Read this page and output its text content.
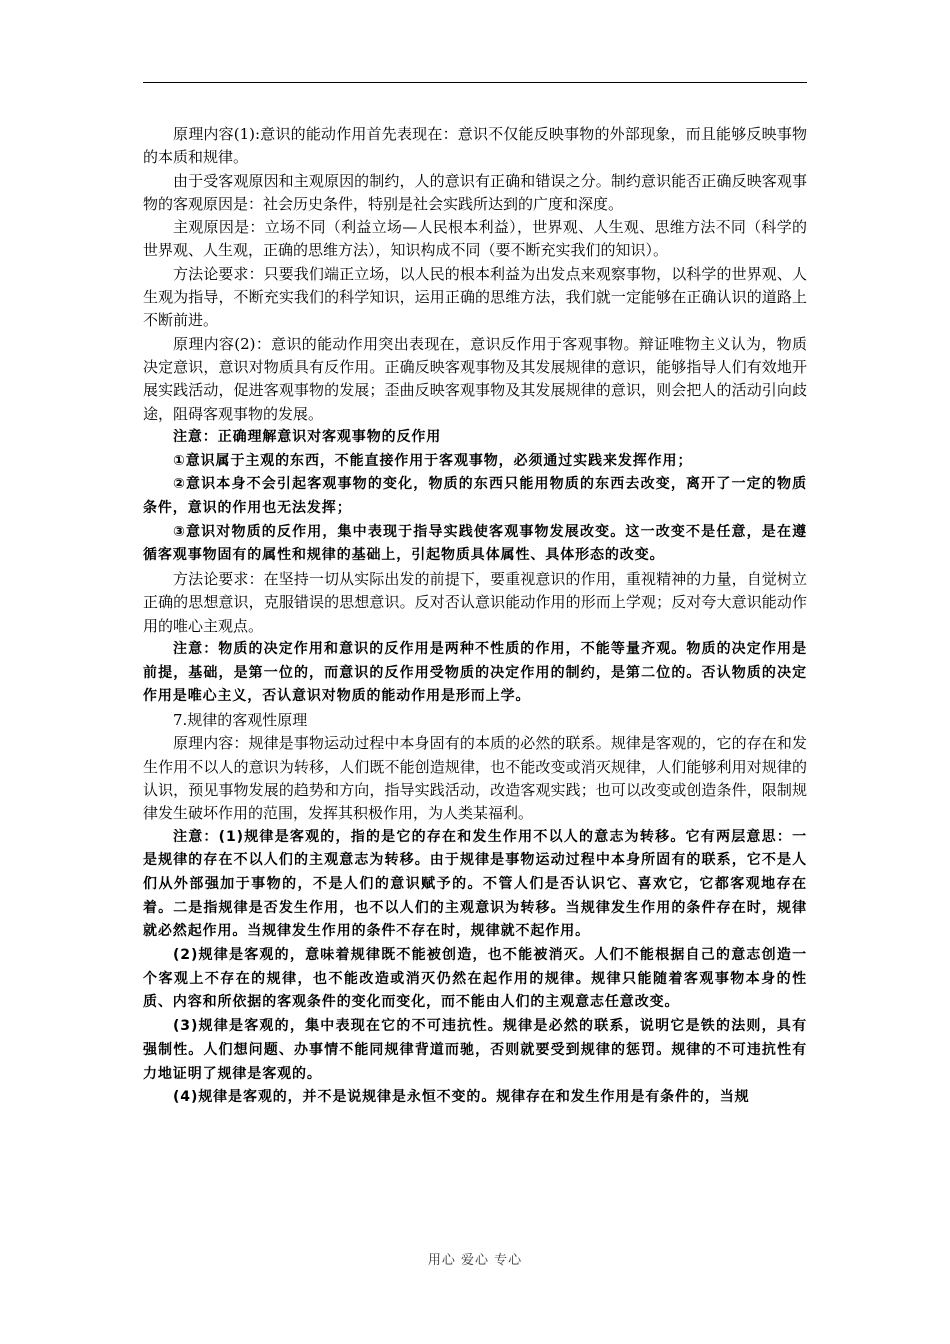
原理内容(1):意识的能动作用首先表现在：意识不仅能反映事物的外部现象，而且能够反映事物的本质和规律。

由于受客观原因和主观原因的制约，人的意识有正确和错误之分。制约意识能否正确反映客观事物的客观原因是：社会历史条件，特别是社会实践所达到的广度和深度。

主观原因是：立场不同（利益立场—人民根本利益），世界观、人生观、思维方法不同（科学的世界观、人生观，正确的思维方法），知识构成不同（要不断充实我们的知识）。

方法论要求：只要我们端正立场，以人民的根本利益为出发点来观察事物，以科学的世界观、人生观为指导，不断充实我们的科学知识，运用正确的思维方法，我们就一定能够在正确认识的道路上不断前进。

原理内容(2)：意识的能动作用突出表现在，意识反作用于客观事物。辩证唯物主义认为，物质决定意识，意识对物质具有反作用。正确反映客观事物及其发展规律的意识，能够指导人们有效地开展实践活动，促进客观事物的发展；歪曲反映客观事物及其发展规律的意识，则会把人的活动引向歧途，阻碍客观事物的发展。

注意：正确理解意识对客观事物的反作用

①意识属于主观的东西，不能直接作用于客观事物，必须通过实践来发挥作用；

②意识本身不会引起客观事物的变化，物质的东西只能用物质的东西去改变，离开了一定的物质条件，意识的作用也无法发挥；

③意识对物质的反作用，集中表现于指导实践使客观事物发展改变。这一改变不是任意，是在遵循客观事物固有的属性和规律的基础上，引起物质具体属性、具体形态的改变。

方法论要求：在坚持一切从实际出发的前提下，要重视意识的作用，重视精神的力量，自觉树立正确的思想意识，克服错误的思想意识。反对否认意识能动作用的形而上学观；反对夸大意识能动作用的唯心主观点。

注意：物质的决定作用和意识的反作用是两种不性质的作用，不能等量齐观。物质的决定作用是前提，基础，是第一位的，而意识的反作用受物质的决定作用的制约，是第二位的。否认物质的决定作用是唯心主义，否认意识对物质的能动作用是形而上学。

7.规律的客观性原理

原理内容：规律是事物运动过程中本身固有的本质的必然的联系。规律是客观的，它的存在和发生作用不以人的意识为转移，人们既不能创造规律，也不能改变或消灭规律，人们能够利用对规律的认识，预见事物发展的趋势和方向，指导实践活动，改造客观实践；也可以改变或创造条件，限制规律发生破坏作用的范围，发挥其积极作用，为人类某福利。

注意：(1)规律是客观的，指的是它的存在和发生作用不以人的意志为转移。它有两层意思：一是规律的存在不以人们的主观意志为转移。由于规律是事物运动过程中本身所固有的联系，它不是人们从外部强加于事物的，不是人们的意识赋予的。不管人们是否认识它、喜欢它，它都客观地存在着。二是指规律是否发生作用，也不以人们的主观意识为转移。当规律发生作用的条件存在时，规律就必然起作用。当规律发生作用的条件不存在时，规律就不起作用。

(2)规律是客观的，意味着规律既不能被创造，也不能被消灭。人们不能根据自己的意志创造一个客观上不存在的规律，也不能改造或消灭仍然在起作用的规律。规律只能随着客观事物本身的性质、内容和所依据的客观条件的变化而变化，而不能由人们的主观意志任意改变。

(3)规律是客观的，集中表现在它的不可违抗性。规律是必然的联系，说明它是铁的法则，具有强制性。人们想问题、办事情不能同规律背道而驰，否则就要受到规律的惩罚。规律的不可违抗性有力地证明了规律是客观的。

(4)规律是客观的，并不是说规律是永恒不变的。规律存在和发生作用是有条件的，当规

用心 爱心 专心
